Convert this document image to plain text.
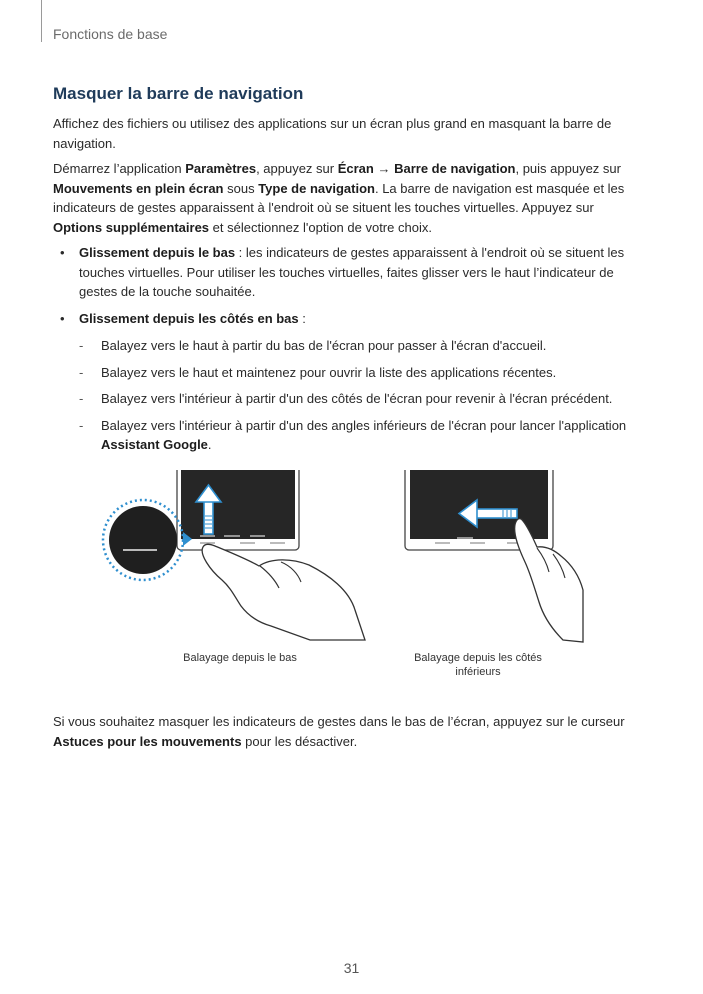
Fonctions de base
Masquer la barre de navigation

Affichez des fichiers ou utilisez des applications sur un écran plus grand en masquant la barre de navigation.

Démarrez l’application Paramètres, appuyez sur Écran → Barre de navigation, puis appuyez sur Mouvements en plein écran sous Type de navigation. La barre de navigation est masquée et les indicateurs de gestes apparaissent à l'endroit où se situent les touches virtuelles. Appuyez sur Options supplémentaires et sélectionnez l'option de votre choix.

• Glissement depuis le bas : les indicateurs de gestes apparaissent à l'endroit où se situent les touches virtuelles. Pour utiliser les touches virtuelles, faites glisser vers le haut l’indicateur de gestes de la touche souhaitée.
• Glissement depuis les côtés en bas :
- Balayez vers le haut à partir du bas de l'écran pour passer à l'écran d'accueil.
- Balayez vers le haut et maintenez pour ouvrir la liste des applications récentes.
- Balayez vers l'intérieur à partir d'un des côtés de l'écran pour revenir à l'écran précédent.
- Balayez vers l'intérieur à partir d'un des angles inférieurs de l'écran pour lancer l'application Assistant Google.
Balayage depuis le bas	Balayage depuis les côtés
inférieurs

Si vous souhaitez masquer les indicateurs de gestes dans le bas de l’écran, appuyez sur le curseur Astuces pour les mouvements pour les désactiver.

31
